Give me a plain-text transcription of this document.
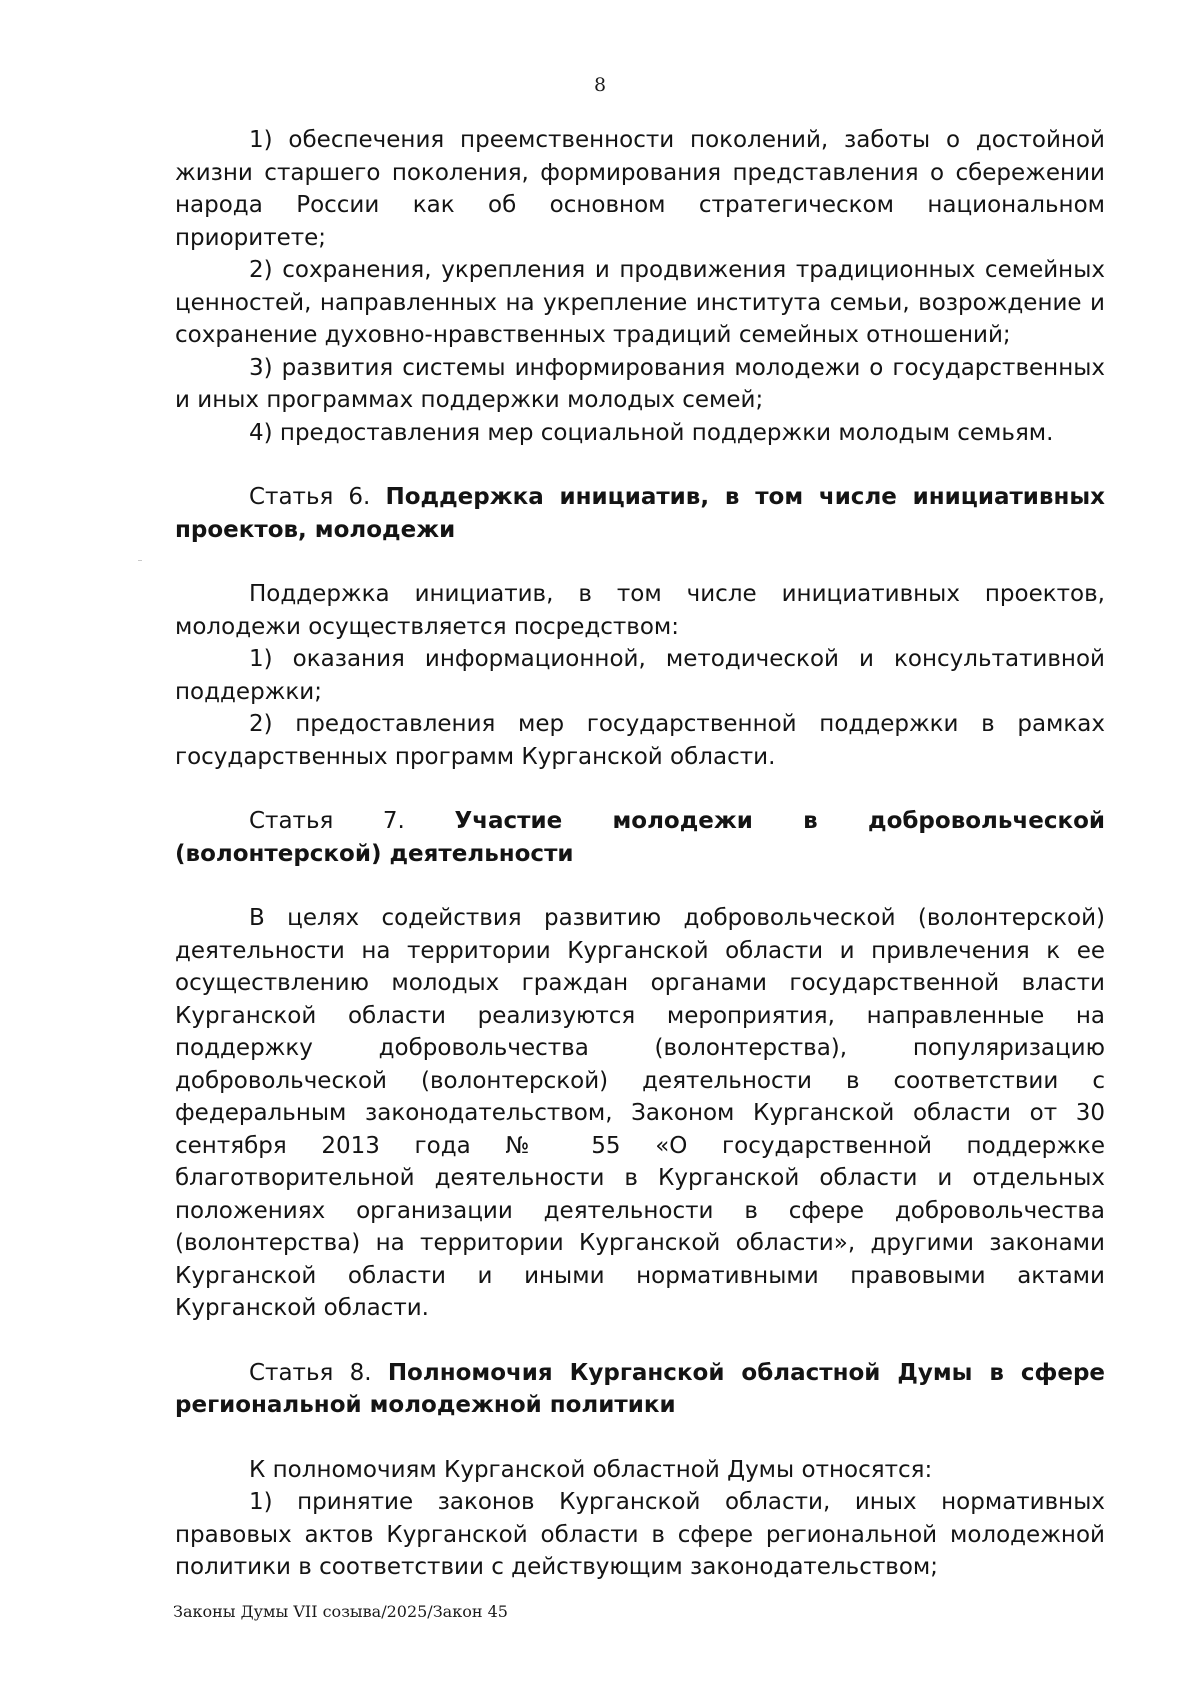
8

1) обеспечения преемственности поколений, заботы о достойной жизни старшего поколения, формирования представления о сбережении народа России как об основном стратегическом национальном приоритете;

2) сохранения, укрепления и продвижения традиционных семейных ценностей, направленных на укрепление института семьи, возрождение и сохранение духовно-нравственных традиций семейных отношений;

3) развития системы информирования молодежи о государственных и иных программах поддержки молодых семей;

4) предоставления мер социальной поддержки молодым семьям.

Статья 6. Поддержка инициатив, в том числе инициативных проектов, молодежи

Поддержка инициатив, в том числе инициативных проектов, молодежи осуществляется посредством:

1) оказания информационной, методической и консультативной поддержки;

2) предоставления мер государственной поддержки в рамках государственных программ Курганской области.

Статья 7. Участие молодежи в добровольческой (волонтерской) деятельности

В целях содействия развитию добровольческой (волонтерской) деятельности на территории Курганской области и привлечения к ее осуществлению молодых граждан органами государственной власти Курганской области реализуются мероприятия, направленные на поддержку добровольчества (волонтерства), популяризацию добровольческой (волонтерской) деятельности в соответствии с федеральным законодательством, Законом Курганской области от 30 сентября 2013 года № 55 «О государственной поддержке благотворительной деятельности в Курганской области и отдельных положениях организации деятельности в сфере добровольчества (волонтерства) на территории Курганской области», другими законами Курганской области и иными нормативными правовыми актами Курганской области.

Статья 8. Полномочия Курганской областной Думы в сфере региональной молодежной политики

К полномочиям Курганской областной Думы относятся:

1) принятие законов Курганской области, иных нормативных правовых актов Курганской области в сфере региональной молодежной политики в соответствии с действующим законодательством;

Законы Думы VII созыва/2025/Закон 45
